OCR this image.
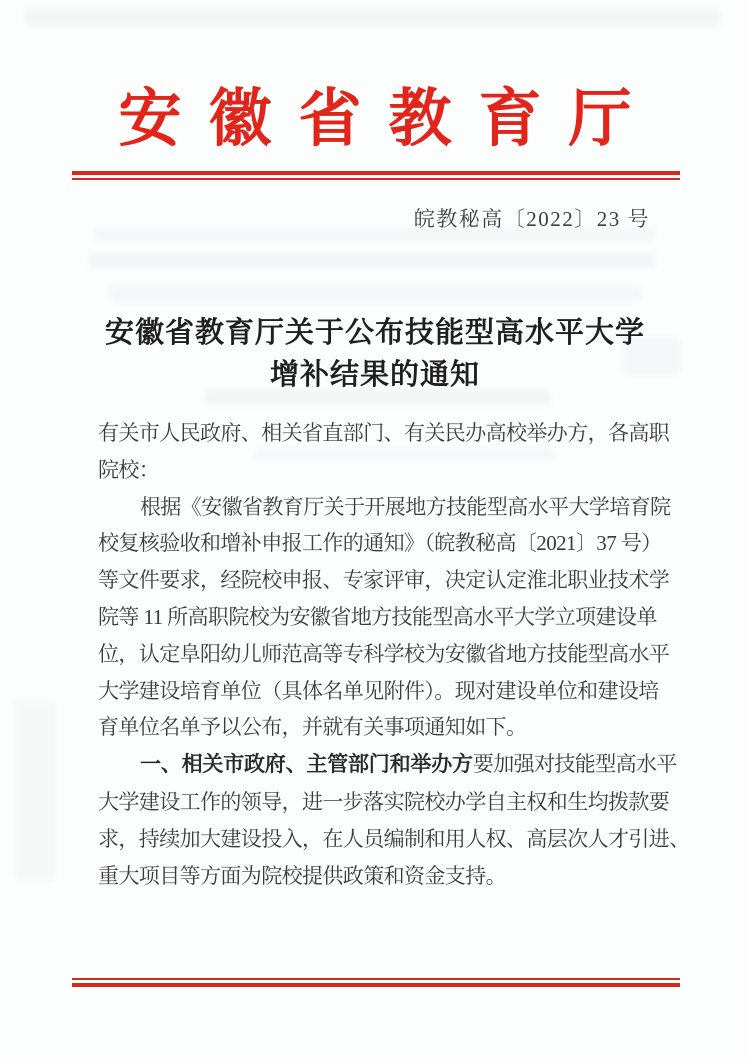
安徽省教育厅
皖教秘高〔2022〕23 号
安徽省教育厅关于公布技能型高水平大学
增补结果的通知
有关市人民政府、相关省直部门、有关民办高校举办方，各高职
院校：
根据《安徽省教育厅关于开展地方技能型高水平大学培育院
校复核验收和增补申报工作的通知》（皖教秘高〔2021〕37 号）
等文件要求，经院校申报、专家评审，决定认定淮北职业技术学
院等 11 所高职院校为安徽省地方技能型高水平大学立项建设单
位，认定阜阳幼儿师范高等专科学校为安徽省地方技能型高水平
大学建设培育单位（具体名单见附件）。现对建设单位和建设培
育单位名单予以公布，并就有关事项通知如下。
一、相关市政府、主管部门和举办方要加强对技能型高水平
大学建设工作的领导，进一步落实院校办学自主权和生均拨款要
求，持续加大建设投入，在人员编制和用人权、高层次人才引进、
重大项目等方面为院校提供政策和资金支持。
